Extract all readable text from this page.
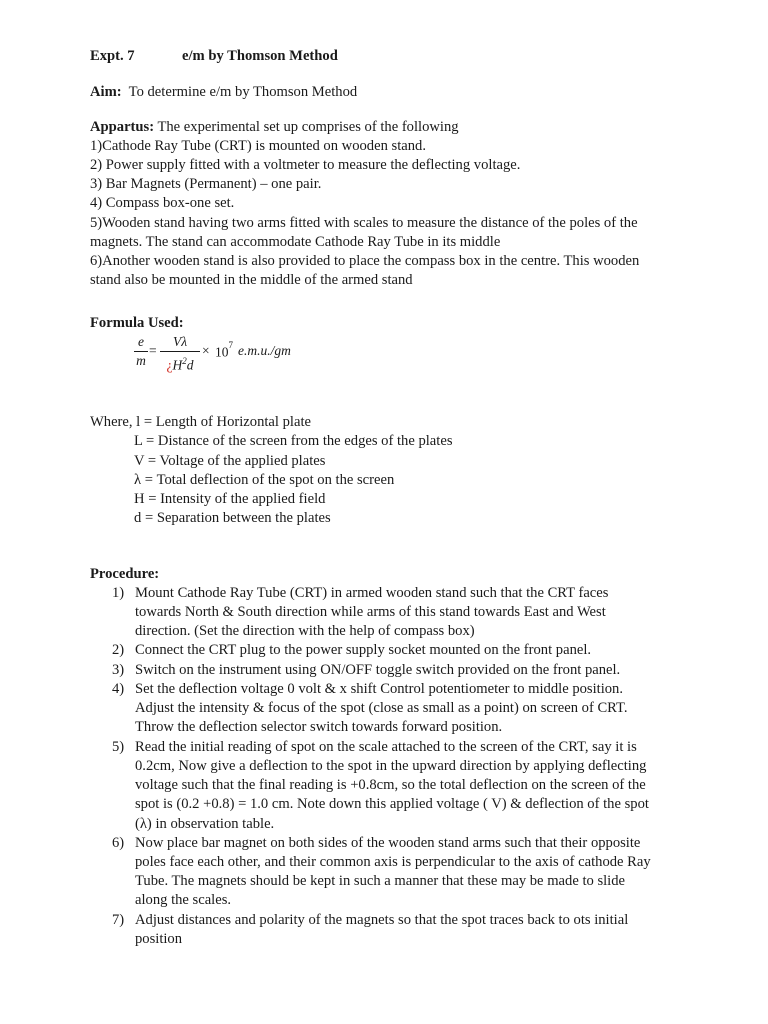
Expt. 7	e/m by Thomson Method
Aim: To determine e/m by Thomson Method
Appartus: The experimental set up comprises of the following
1)Cathode Ray Tube (CRT) is mounted on wooden stand.
2) Power supply fitted with a voltmeter to measure the deflecting voltage.
3) Bar Magnets (Permanent) – one pair.
4) Compass box-one set.
5)Wooden stand having two arms fitted with scales to measure the distance of the poles of the
magnets. The stand can accommodate Cathode Ray Tube in its middle
6)Another wooden stand is also provided to place the compass box in the centre. This wooden
stand also be mounted in the middle of the armed stand
Formula Used:
e
m
=
Vλ
¿$H^2d$
× $10^7$ e.m.u./gm
Where, l = Length of Horizontal plate
L = Distance of the screen from the edges of the plates
V = Voltage of the applied plates
λ = Total deflection of the spot on the screen
H = Intensity of the applied field
d = Separation between the plates
Procedure:
1) Mount Cathode Ray Tube (CRT) in armed wooden stand such that the CRT faces
towards North & South direction while arms of this stand towards East and West
direction. (Set the direction with the help of compass box)
2) Connect the CRT plug to the power supply socket mounted on the front panel.
3) Switch on the instrument using ON/OFF toggle switch provided on the front panel.
4) Set the deflection voltage 0 volt & x shift Control potentiometer to middle position.
Adjust the intensity & focus of the spot (close as small as a point) on screen of CRT.
Throw the deflection selector switch towards forward position.
5) Read the initial reading of spot on the scale attached to the screen of the CRT, say it is
0.2cm, Now give a deflection to the spot in the upward direction by applying deflecting
voltage such that the final reading is +0.8cm, so the total deflection on the screen of the
spot is (0.2 +0.8) = 1.0 cm. Note down this applied voltage ( V) & deflection of the spot
(λ) in observation table.
6) Now place bar magnet on both sides of the wooden stand arms such that their opposite
poles face each other, and their common axis is perpendicular to the axis of cathode Ray
Tube. The magnets should be kept in such a manner that these may be made to slide
along the scales.
7) Adjust distances and polarity of the magnets so that the spot traces back to ots initial
position
